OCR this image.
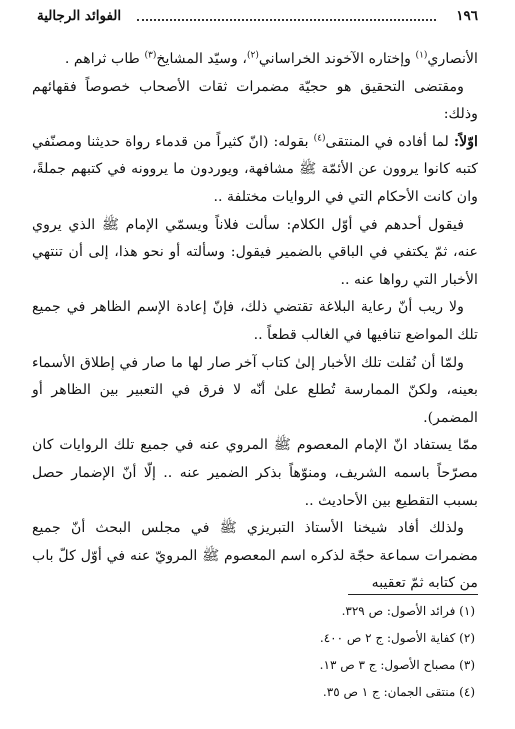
١٩٦
الفوائد الرجالية

الأنصاري$^{(١)}$ وإختاره الآخوند الخراساني$^{(٢)}$، وسيّد المشايخ$^{(٣)}$ طاب ثراهم .

ومقتضى التحقيق هو حجيّة مضمرات ثقات الأصحاب خصوصاً فقهائهم وذلك:

اوّلاً: لما أفاده في المنتقى$^{(٤)}$ بقوله: (انّ كثيراً من قدماء رواة حديثنا ومصنّفي كتبه كانوا يروون عن الأئمّة ﷺ مشافهة، ويوردون ما يروونه في كتبهم جملةً، وان كانت الأحكام التي في الروايات مختلفة ..

فيقول أحدهم في أوّل الكلام: سألت فلاناً ويسمّي الإمام ﷺ الذي يروي عنه، ثمّ يكتفي في الباقي بالضمير فيقول: وسألته أو نحو هذا، إلى أن تنتهي الأخبار التي رواها عنه ..

ولا ريب أنّ رعاية البلاغة تقتضي ذلك، فإنّ إعادة الإسم الظاهر في جميع تلك المواضع تنافيها في الغالب قطعاً ..

ولمّا أن نُقلت تلك الأخبار إلىٰ كتاب آخر صار لها ما صار في إطلاق الأسماء بعينه، ولكنّ الممارسة تُطلع علىٰ أنّه لا فرق في التعبير بين الظاهر أو المضمر).

ممّا يستفاد انّ الإمام المعصوم ﷺ المروي عنه في جميع تلك الروايات كان مصرّحاً باسمه الشريف، ومنوّهاً بذكر الضمير عنه .. إلّا أنّ الإضمار حصل بسبب التقطيع بين الأحاديث ..

ولذلك أفاد شيخنا الأستاذ التبريزي ﷺ في مجلس البحث أنّ جميع مضمرات سماعة حجّة لذكره اسم المعصوم ﷺ المرويّ عنه في أوّل كلّ باب من كتابه ثمّ تعقيبه

(١) فرائد الأصول: ص ٣٢٩.

(٢) كفاية الأصول: ج ٢ ص ٤٠٠.

(٣) مصباح الأصول: ج ٣ ص ١٣.

(٤) منتقى الجمان: ج ١ ص ٣٥.
